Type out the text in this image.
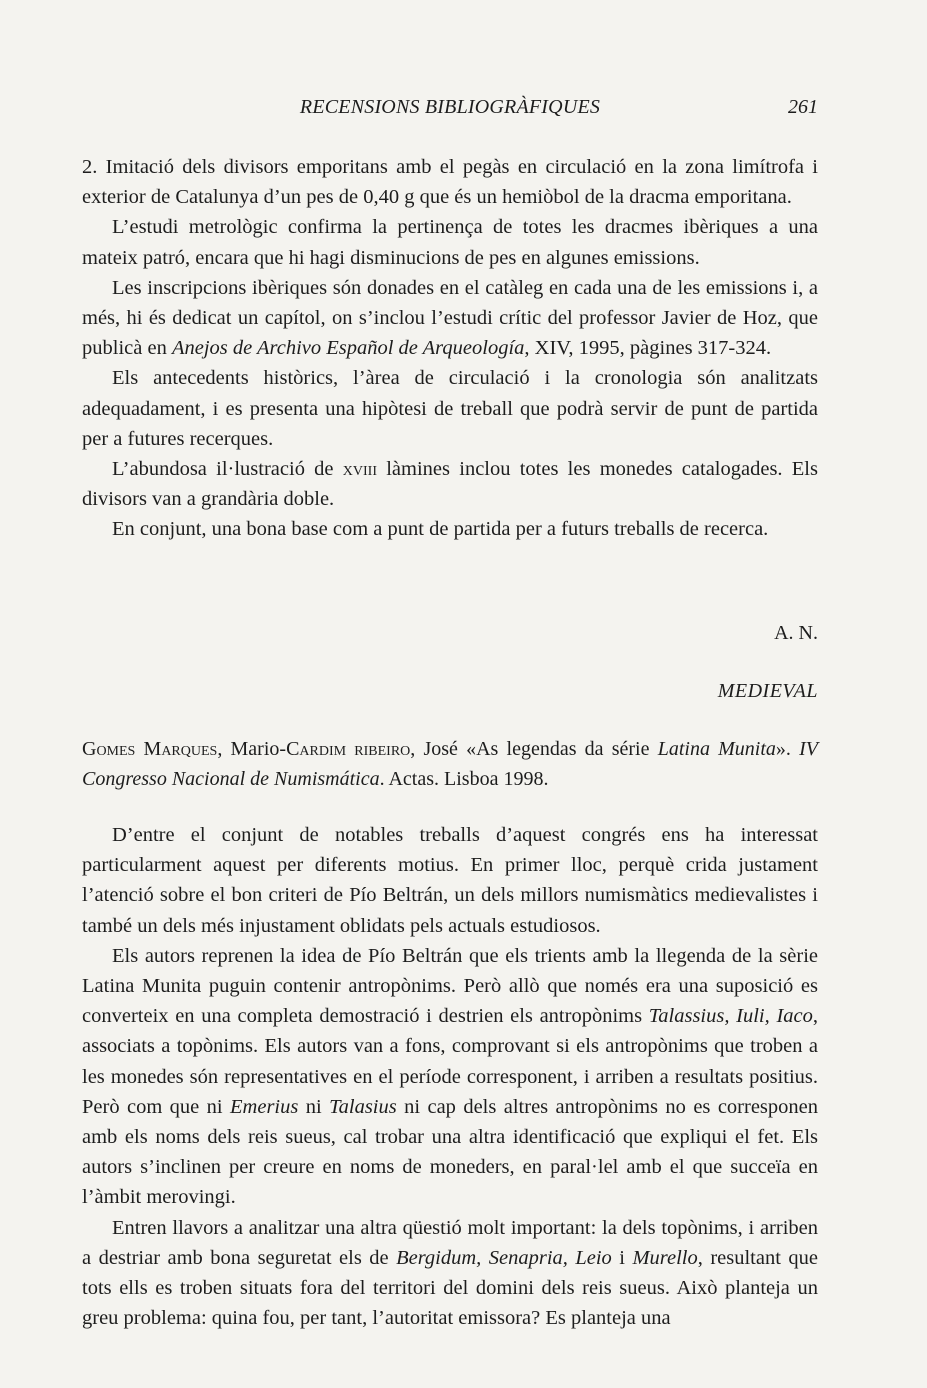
RECENSIONS BIBLIOGRÀFIQUES	261

2. Imitació dels divisors emporitans amb el pegàs en circulació en la zona limítrofa i exterior de Catalunya d’un pes de 0,40 g que és un hemiòbol de la dracma emporitana.

L’estudi metrològic confirma la pertinença de totes les dracmes ibèriques a una mateix patró, encara que hi hagi disminucions de pes en algunes emissions.

Les inscripcions ibèriques són donades en el catàleg en cada una de les emissions i, a més, hi és dedicat un capítol, on s’inclou l’estudi crític del professor Javier de Hoz, que publicà en Anejos de Archivo Español de Arqueología, XIV, 1995, pàgines 317-324.

Els antecedents històrics, l’àrea de circulació i la cronologia són analitzats adequadament, i es presenta una hipòtesi de treball que podrà servir de punt de partida per a futures recerques.

L’abundosa il·lustració de xviii làmines inclou totes les monedes catalogades. Els divisors van a grandària doble.

En conjunt, una bona base com a punt de partida per a futurs treballs de recerca.

A. N.
MEDIEVAL

Gomes Marques, Mario-Cardim ribeiro, José «As legendas da série Latina Munita». IV Congresso Nacional de Numismática. Actas. Lisboa 1998.

D’entre el conjunt de notables treballs d’aquest congrés ens ha interessat particularment aquest per diferents motius. En primer lloc, perquè crida justament l’atenció sobre el bon criteri de Pío Beltrán, un dels millors numismàtics medievalistes i també un dels més injustament oblidats pels actuals estudiosos.

Els autors reprenen la idea de Pío Beltrán que els trients amb la llegenda de la sèrie Latina Munita puguin contenir antropònims. Però allò que només era una suposició es converteix en una completa demostració i destrien els antropònims Talassius, Iuli, Iaco, associats a topònims. Els autors van a fons, comprovant si els antropònims que troben a les monedes són representatives en el període corresponent, i arriben a resultats positius. Però com que ni Emerius ni Talasius ni cap dels altres antropònims no es corresponen amb els noms dels reis sueus, cal trobar una altra identificació que expliqui el fet. Els autors s’inclinen per creure en noms de moneders, en paral·lel amb el que succeïa en l’àmbit merovingi.

Entren llavors a analitzar una altra qüestió molt important: la dels topònims, i arriben a destriar amb bona seguretat els de Bergidum, Senapria, Leio i Murello, resultant que tots ells es troben situats fora del territori del domini dels reis sueus. Això planteja un greu problema: quina fou, per tant, l’autoritat emissora? Es planteja una
